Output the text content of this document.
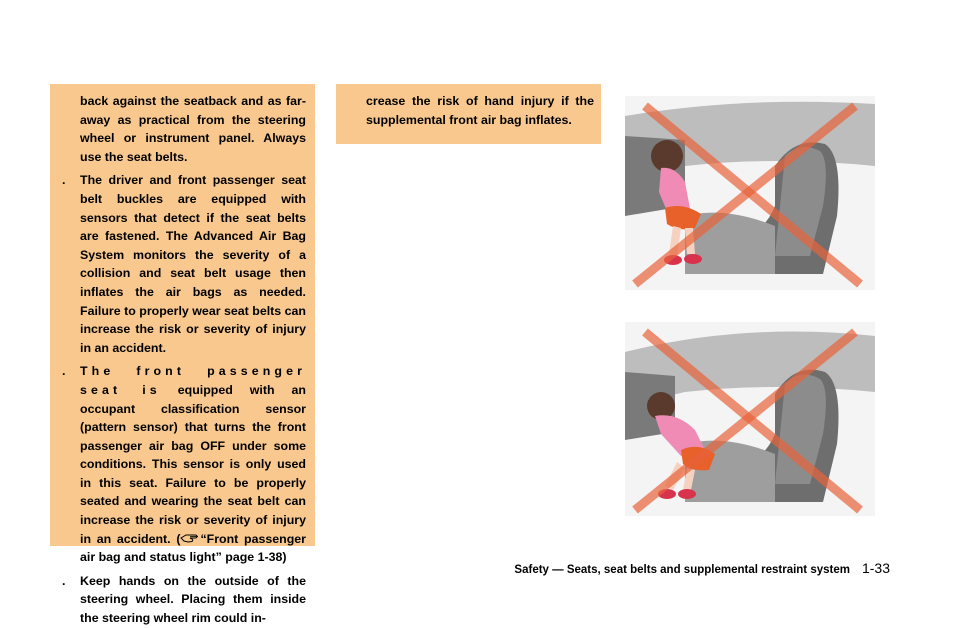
back against the seatback and as far-away as practical from the steering wheel or instrument panel. Always use the seat belts.

. The driver and front passenger seat belt buckles are equipped with sensors that detect if the seat belts are fastened. The Advanced Air Bag System monitors the severity of a collision and seat belt usage then inflates the air bags as needed. Failure to properly wear seat belts can increase the risk or severity of injury in an accident.
. The front passenger seat is equipped with an occupant classification sensor (pattern sensor) that turns the front passenger air bag OFF under some conditions. This sensor is only used in this seat. Failure to be properly seated and wearing the seat belt can increase the risk or severity of injury in an accident. ( “Front passenger air bag and status light” page 1-38)
. Keep hands on the outside of the steering wheel. Placing them inside the steering wheel rim could in-

crease the risk of hand injury if the supplemental front air bag inflates.

Safety — Seats, seat belts and supplemental restraint system 1-33
